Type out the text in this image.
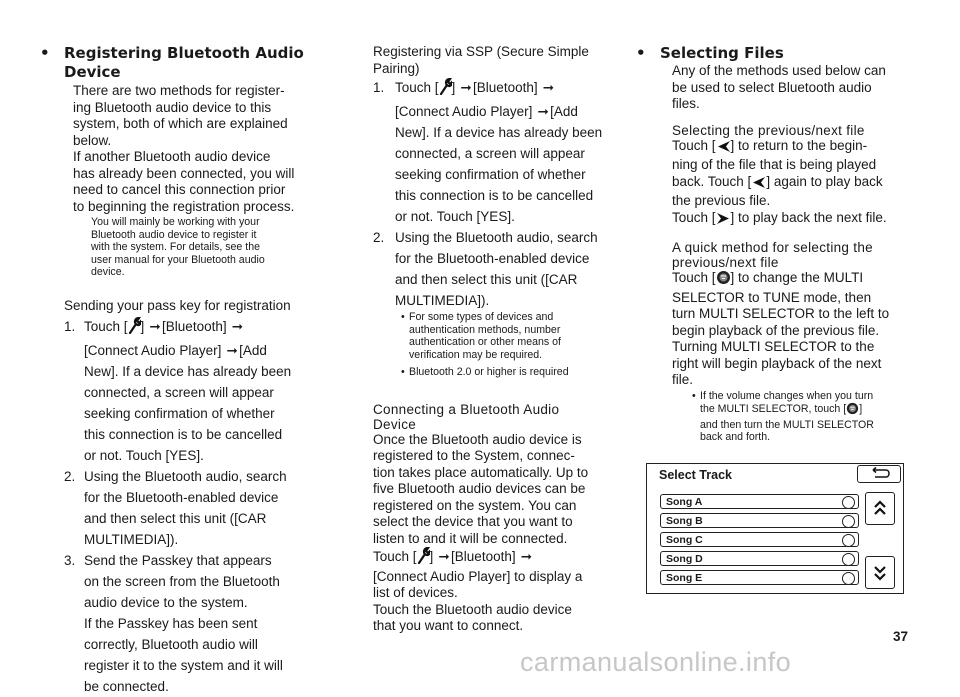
• Registering Bluetooth Audio
Device
There are two methods for register-
ing Bluetooth audio device to this
system, both of which are explained
below.
If another Bluetooth audio device
has already been connected, you will
need to cancel this connection prior
to beginning the registration process.
You will mainly be working with your
Bluetooth audio device to register it
with the system. For details, see the
user manual for your Bluetooth audio
device.
Sending your pass key for registration
1. Touch [ ] ➞[Bluetooth] ➞
[Connect Audio Player] ➞[Add
New]. If a device has already been
connected, a screen will appear
seeking confirmation of whether
this connection is to be cancelled
or not. Touch [YES].
2. Using the Bluetooth audio, search
for the Bluetooth-enabled device
and then select this unit ([CAR
MULTIMEDIA]).
3. Send the Passkey that appears
on the screen from the Bluetooth
audio device to the system.
If the Passkey has been sent
correctly, Bluetooth audio will
register it to the system and it will
be connected.
Registering via SSP (Secure Simple
Pairing)
1. Touch [ ] ➞[Bluetooth] ➞
[Connect Audio Player] ➞[Add
New]. If a device has already been
connected, a screen will appear
seeking confirmation of whether
this connection is to be cancelled
or not. Touch [YES].
2. Using the Bluetooth audio, search
for the Bluetooth-enabled device
and then select this unit ([CAR
MULTIMEDIA]).
• For some types of devices and
authentication methods, number
authentication or other means of
verification may be required.
• Bluetooth 2.0 or higher is required
Connecting a Bluetooth Audio
Device
Once the Bluetooth audio device is
registered to the System, connec-
tion takes place automatically. Up to
five Bluetooth audio devices can be
registered on the system. You can
select the device that you want to
listen to and it will be connected.
Touch [ ] ➞[Bluetooth] ➞
[Connect Audio Player] to display a
list of devices.
Touch the Bluetooth audio device
that you want to connect.
• Selecting Files
Any of the methods used below can
be used to select Bluetooth audio
files.
Selecting the previous/next file
Touch [ ] to return to the begin-
ning of the file that is being played
back. Touch [ ] again to play back
the previous file.
Touch [ ] to play back the next file.
A quick method for selecting the
previous/next file
Touch [ ] to change the MULTI
SELECTOR to TUNE mode, then
turn MULTI SELECTOR to the left to
begin playback of the previous file.
Turning MULTI SELECTOR to the
right will begin playback of the next
file.
• If the volume changes when you turn
the MULTI SELECTOR, touch [ ]
and then turn the MULTI SELECTOR
back and forth.
Select Track
Song A
Song B
Song C
Song D
Song E
37
carmanualsonline.info
